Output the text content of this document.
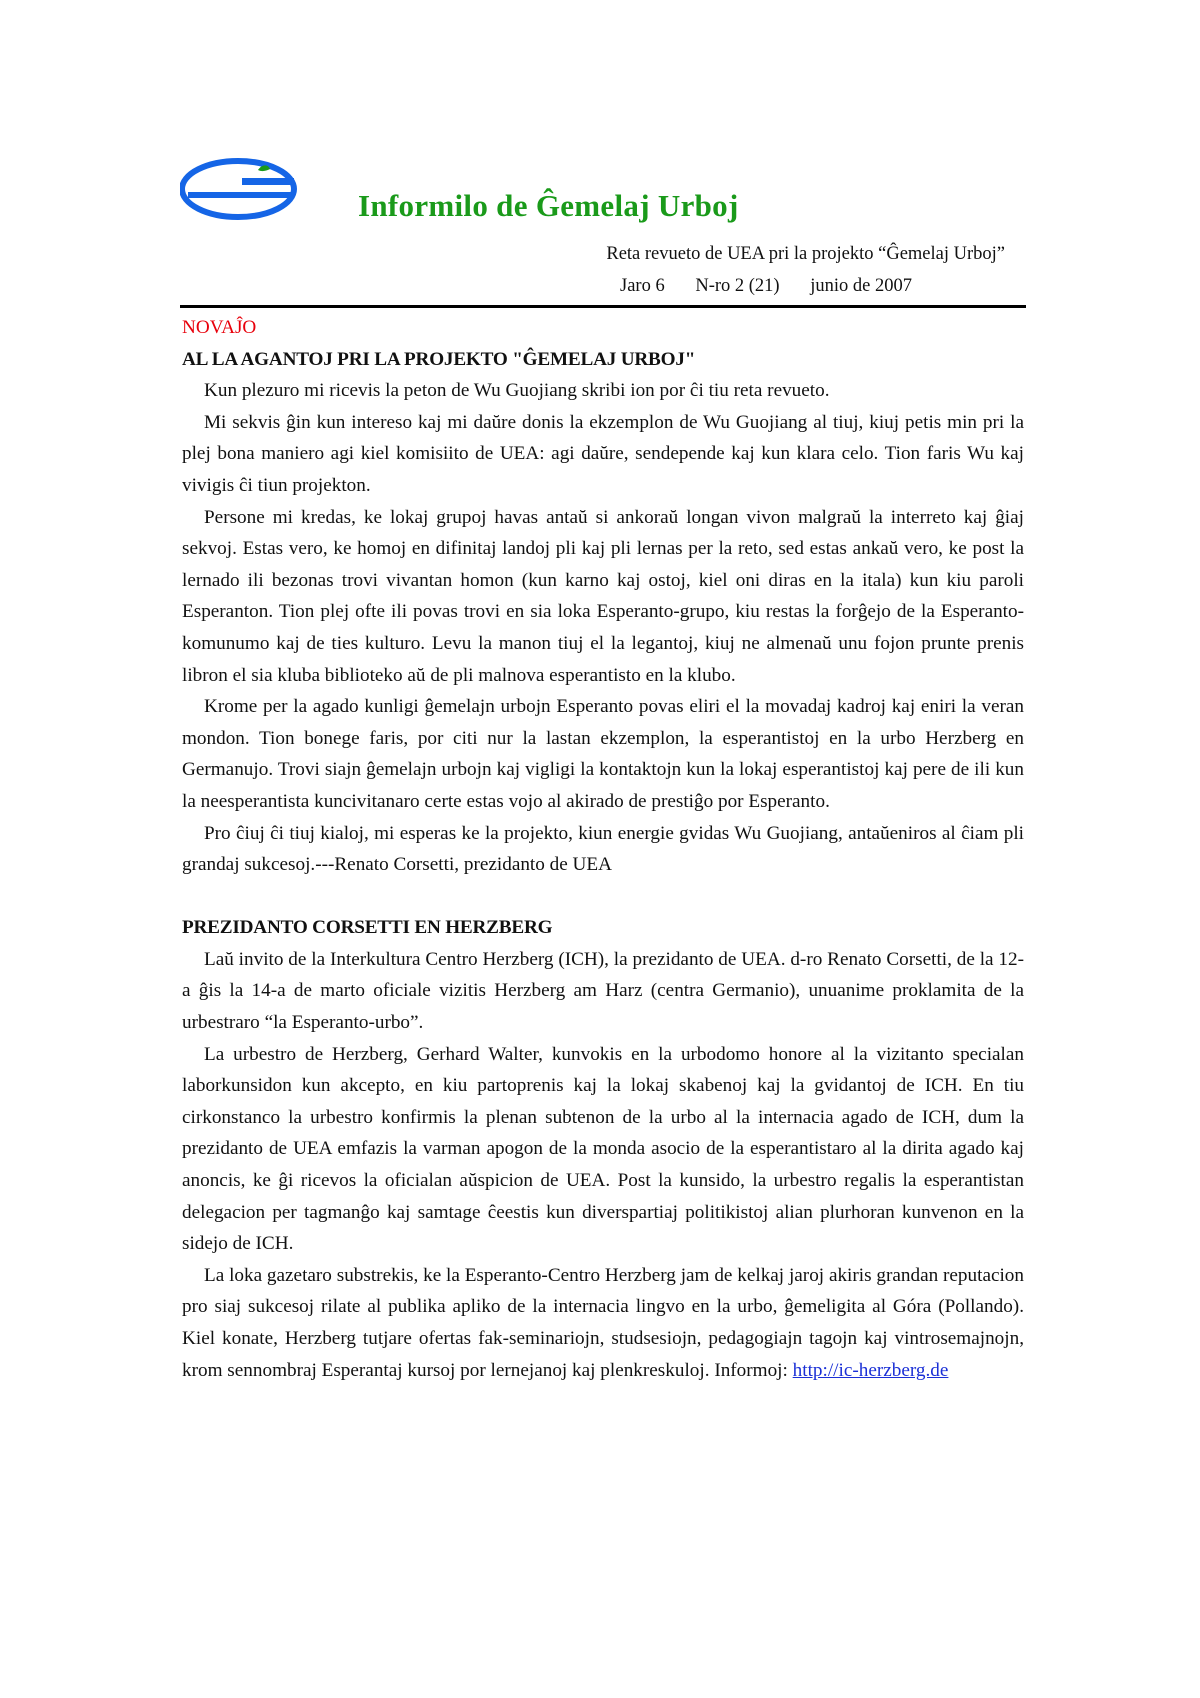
Informilo de Ĝemelaj Urboj
Reta revueto de UEA pri la projekto “Ĝemelaj Urboj”
Jaro 6 N-ro 2 (21) junio de 2007
NOVAĴO
AL LA AGANTOJ PRI LA PROJEKTO "ĜEMELAJ URBOJ"

Kun plezuro mi ricevis la peton de Wu Guojiang skribi ion por ĉi tiu reta revueto.

Mi sekvis ĝin kun intereso kaj mi daŭre donis la ekzemplon de Wu Guojiang al tiuj, kiuj petis min pri la plej bona maniero agi kiel komisiito de UEA: agi daŭre, sendepende kaj kun klara celo. Tion faris Wu kaj vivigis ĉi tiun projekton.

Persone mi kredas, ke lokaj grupoj havas antaŭ si ankoraŭ longan vivon malgraŭ la interreto kaj ĝiaj sekvoj. Estas vero, ke homoj en difinitaj landoj pli kaj pli lernas per la reto, sed estas ankaŭ vero, ke post la lernado ili bezonas trovi vivantan homon (kun karno kaj ostoj, kiel oni diras en la itala) kun kiu paroli Esperanton. Tion plej ofte ili povas trovi en sia loka Esperanto-grupo, kiu restas la forĝejo de la Esperanto-komunumo kaj de ties kulturo. Levu la manon tiuj el la legantoj, kiuj ne almenaŭ unu fojon prunte prenis libron el sia kluba biblioteko aŭ de pli malnova esperantisto en la klubo.

Krome per la agado kunligi ĝemelajn urbojn Esperanto povas eliri el la movadaj kadroj kaj eniri la veran mondon. Tion bonege faris, por citi nur la lastan ekzemplon, la esperantistoj en la urbo Herzberg en Germanujo. Trovi siajn ĝemelajn urbojn kaj vigligi la kontaktojn kun la lokaj esperantistoj kaj pere de ili kun la neesperantista kuncivitanaro certe estas vojo al akirado de prestiĝo por Esperanto.

Pro ĉiuj ĉi tiuj kialoj, mi esperas ke la projekto, kiun energie gvidas Wu Guojiang, antaŭeniros al ĉiam pli grandaj sukcesoj.---Renato Corsetti, prezidanto de UEA

PREZIDANTO CORSETTI EN HERZBERG

Laŭ invito de la Interkultura Centro Herzberg (ICH), la prezidanto de UEA. d-ro Renato Corsetti, de la 12-a ĝis la 14-a de marto oficiale vizitis Herzberg am Harz (centra Germanio), unuanime proklamita de la urbestraro “la Esperanto-urbo”.

La urbestro de Herzberg, Gerhard Walter, kunvokis en la urbodomo honore al la vizitanto specialan laborkunsidon kun akcepto, en kiu partoprenis kaj la lokaj skabenoj kaj la gvidantoj de ICH. En tiu cirkonstanco la urbestro konfirmis la plenan subtenon de la urbo al la internacia agado de ICH, dum la prezidanto de UEA emfazis la varman apogon de la monda asocio de la esperantistaro al la dirita agado kaj anoncis, ke ĝi ricevos la oficialan aŭspicion de UEA. Post la kunsido, la urbestro regalis la esperantistan delegacion per tagmanĝo kaj samtage ĉeestis kun diverspartiaj politikistoj alian plurhoran kunvenon en la sidejo de ICH.

La loka gazetaro substrekis, ke la Esperanto-Centro Herzberg jam de kelkaj jaroj akiris grandan reputacion pro siaj sukcesoj rilate al publika apliko de la internacia lingvo en la urbo, ĝemeligita al Góra (Pollando). Kiel konate, Herzberg tutjare ofertas fak-seminariojn, studsesiojn, pedagogiajn tagojn kaj vintrosemajnojn, krom sennombraj Esperantaj kursoj por lernejanoj kaj plenkreskuloj. Informoj: http://ic-herzberg.de
